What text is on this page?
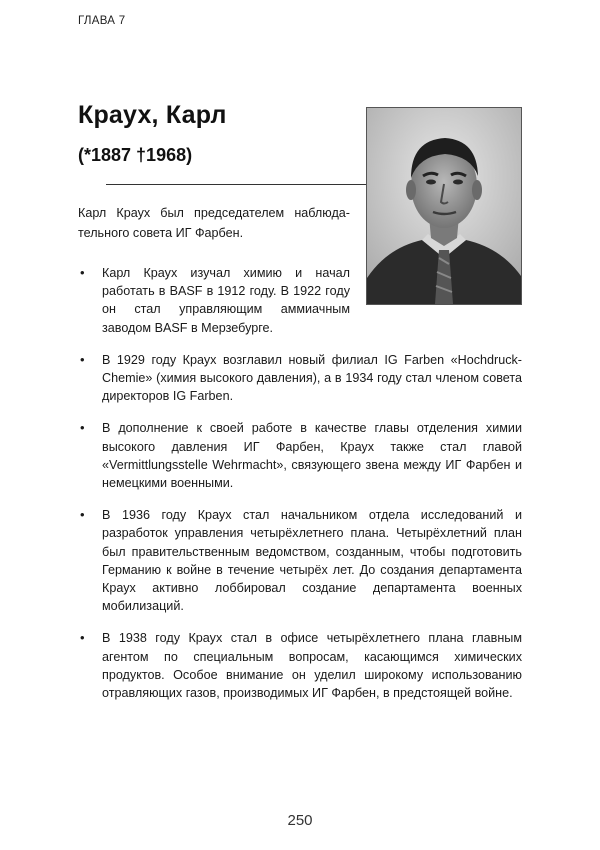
ГЛАВА 7
Краух, Карл
(*1887 †1968)
Карл Краух был председателем наблюда-тельного совета ИГ Фарбен.
• Карл Краух изучал химию и начал работать в BASF в 1912 году. В 1922 году он стал управляющим аммиачным заводом BASF в Мерзебурге.
• В 1929 году Краух возглавил новый филиал IG Farben «Hochdruck-Chemie» (химия высокого давления), а в 1934 году стал членом совета директоров IG Farben.
• В дополнение к своей работе в качестве главы отделения химии высокого давления ИГ Фарбен, Краух также стал главой «Vermittlungsstelle Wehrmacht», связующего звена между ИГ Фарбен и немецкими военными.
• В 1936 году Краух стал начальником отдела исследований и разработок управления четырёхлетнего плана. Четырёхлетний план был правительственным ведомством, созданным, чтобы подготовить Германию к войне в течение четырёх лет. До создания департамента Краух активно лоббировал создание департамента военных мобилизаций.
• В 1938 году Краух стал в офисе четырёхлетнего плана главным агентом по специальным вопросам, касающимся химических продуктов. Особое внимание он уделил широкому использованию отравляющих газов, производимых ИГ Фарбен, в предстоящей войне.
250
